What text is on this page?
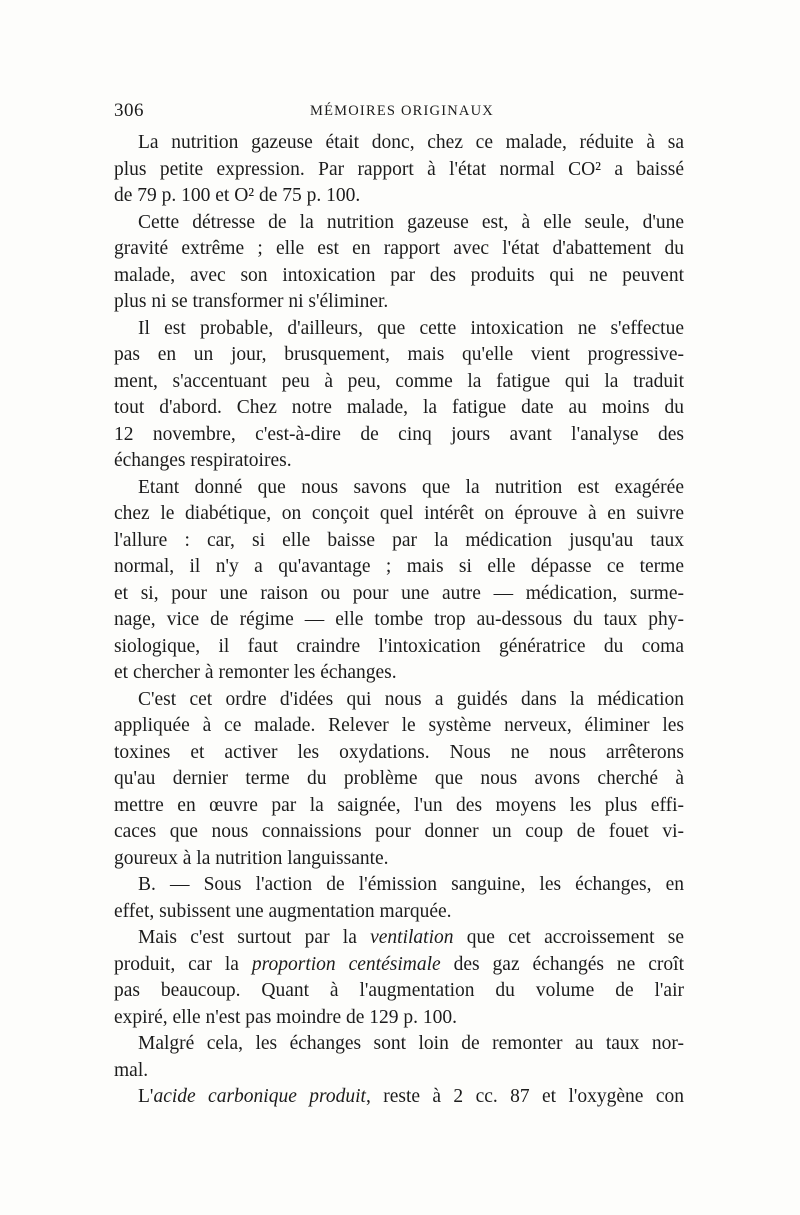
306	MÉMOIRES ORIGINAUX
La nutrition gazeuse était donc, chez ce malade, réduite à sa
plus petite expression. Par rapport à l'état normal CO² a baissé
de 79 p. 100 et O² de 75 p. 100.
Cette détresse de la nutrition gazeuse est, à elle seule, d'une
gravité extrême ; elle est en rapport avec l'état d'abattement du
malade, avec son intoxication par des produits qui ne peuvent
plus ni se transformer ni s'éliminer.
Il est probable, d'ailleurs, que cette intoxication ne s'effectue
pas en un jour, brusquement, mais qu'elle vient progressive-
ment, s'accentuant peu à peu, comme la fatigue qui la traduit
tout d'abord. Chez notre malade, la fatigue date au moins du
12 novembre, c'est-à-dire de cinq jours avant l'analyse des
échanges respiratoires.
Etant donné que nous savons que la nutrition est exagérée
chez le diabétique, on conçoit quel intérêt on éprouve à en suivre
l'allure : car, si elle baisse par la médication jusqu'au taux
normal, il n'y a qu'avantage ; mais si elle dépasse ce terme
et si, pour une raison ou pour une autre — médication, surme-
nage, vice de régime — elle tombe trop au-dessous du taux phy-
siologique, il faut craindre l'intoxication génératrice du coma
et chercher à remonter les échanges.
C'est cet ordre d'idées qui nous a guidés dans la médication
appliquée à ce malade. Relever le système nerveux, éliminer les
toxines et activer les oxydations. Nous ne nous arrêterons
qu'au dernier terme du problème que nous avons cherché à
mettre en œuvre par la saignée, l'un des moyens les plus effi-
caces que nous connaissions pour donner un coup de fouet vi-
goureux à la nutrition languissante.
B. — Sous l'action de l'émission sanguine, les échanges, en
effet, subissent une augmentation marquée.
Mais c'est surtout par la ventilation que cet accroissement se
produit, car la proportion centésimale des gaz échangés ne croît
pas beaucoup. Quant à l'augmentation du volume de l'air
expiré, elle n'est pas moindre de 129 p. 100.
Malgré cela, les échanges sont loin de remonter au taux nor-
mal.
L'acide carbonique produit, reste à 2 cc. 87 et l'oxygène con
